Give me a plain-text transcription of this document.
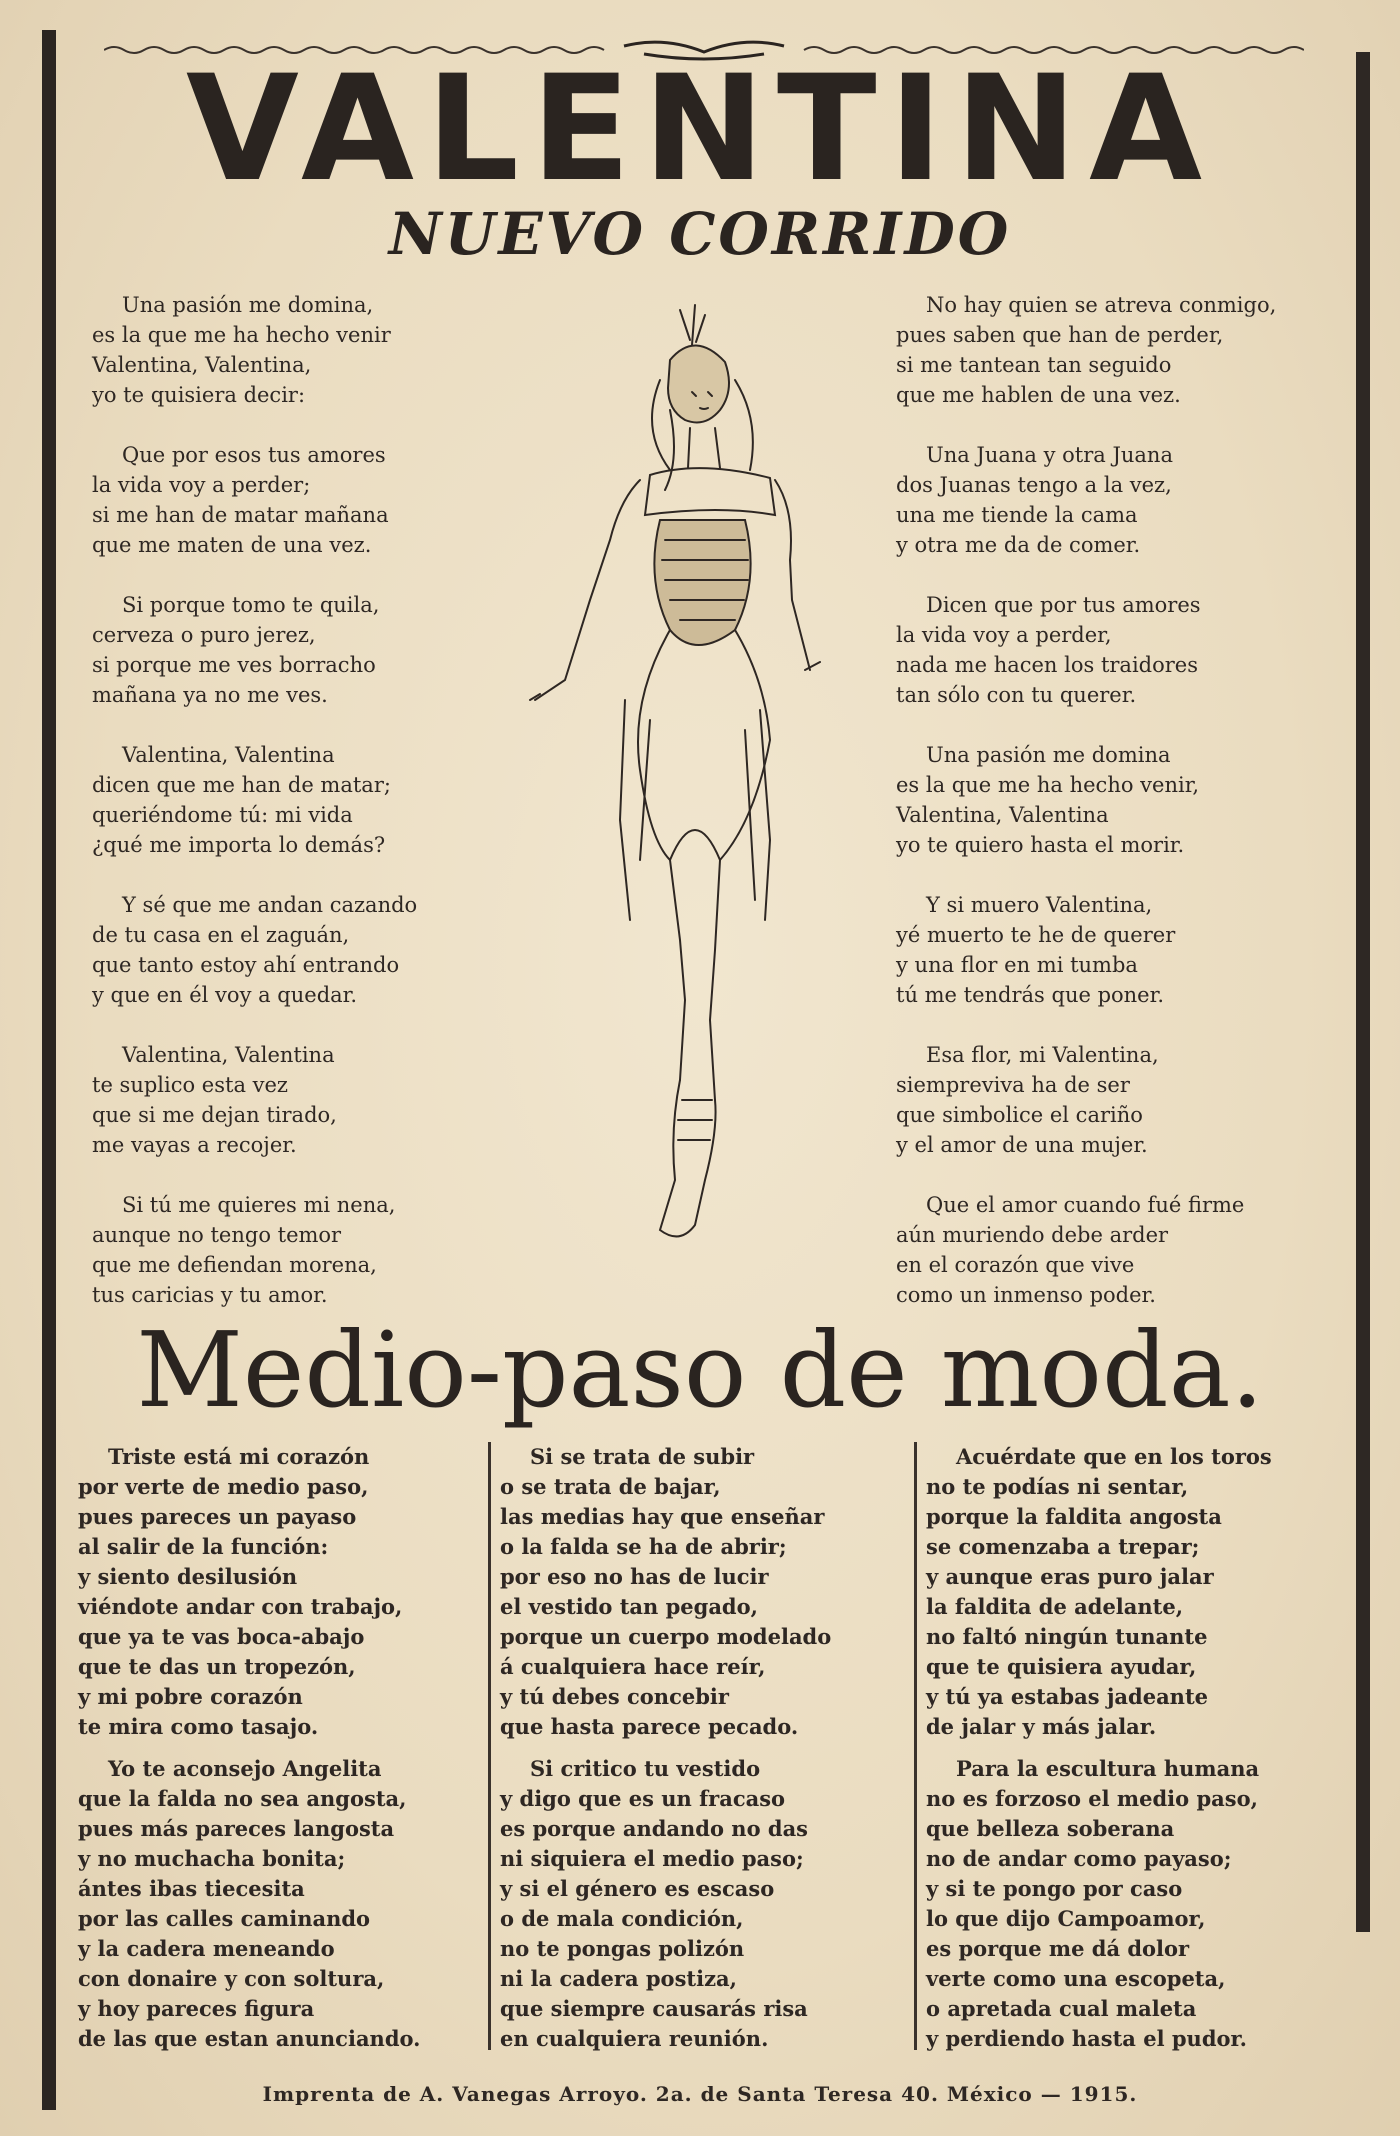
VALENTINA
NUEVO CORRIDO
Una pasión me domina,
es la que me ha hecho venir
Valentina, Valentina,
yo te quisiera decir:
Que por esos tus amores
la vida voy a perder;
si me han de matar mañana
que me maten de una vez.
Si porque tomo te quila,
cerveza o puro jerez,
si porque me ves borracho
mañana ya no me ves.
Valentina, Valentina
dicen que me han de matar;
queriéndome tú: mi vida
¿qué me importa lo demás?
Y sé que me andan cazando
de tu casa en el zaguán,
que tanto estoy ahí entrando
y que en él voy a quedar.
Valentina, Valentina
te suplico esta vez
que si me dejan tirado,
me vayas a recojer.
Si tú me quieres mi nena,
aunque no tengo temor
que me defiendan morena,
tus caricias y tu amor.
No hay quien se atreva conmigo,
pues saben que han de perder,
si me tantean tan seguido
que me hablen de una vez.
Una Juana y otra Juana
dos Juanas tengo a la vez,
una me tiende la cama
y otra me da de comer.
Dicen que por tus amores
la vida voy a perder,
nada me hacen los traidores
tan sólo con tu querer.
Una pasión me domina
es la que me ha hecho venir,
Valentina, Valentina
yo te quiero hasta el morir.
Y si muero Valentina,
yé muerto te he de querer
y una flor en mi tumba
tú me tendrás que poner.
Esa flor, mi Valentina,
siempreviva ha de ser
que simbolice el cariño
y el amor de una mujer.
Que el amor cuando fué firme
aún muriendo debe arder
en el corazón que vive
como un inmenso poder.
Medio-paso de moda.
Triste está mi corazón
por verte de medio paso,
pues pareces un payaso
al salir de la función:
y siento desilusión
viéndote andar con trabajo,
que ya te vas boca-abajo
que te das un tropezón,
y mi pobre corazón
te mira como tasajo.
Yo te aconsejo Angelita
que la falda no sea angosta,
pues más pareces langosta
y no muchacha bonita;
ántes ibas tiecesita
por las calles caminando
y la cadera meneando
con donaire y con soltura,
y hoy pareces figura
de las que estan anunciando.
Si se trata de subir
o se trata de bajar,
las medias hay que enseñar
o la falda se ha de abrir;
por eso no has de lucir
el vestido tan pegado,
porque un cuerpo modelado
á cualquiera hace reír,
y tú debes concebir
que hasta parece pecado.
Si critico tu vestido
y digo que es un fracaso
es porque andando no das
ni siquiera el medio paso;
y si el género es escaso
o de mala condición,
no te pongas polizón
ni la cadera postiza,
que siempre causarás risa
en cualquiera reunión.
Acuérdate que en los toros
no te podías ni sentar,
porque la faldita angosta
se comenzaba a trepar;
y aunque eras puro jalar
la faldita de adelante,
no faltó ningún tunante
que te quisiera ayudar,
y tú ya estabas jadeante
de jalar y más jalar.
Para la escultura humana
no es forzoso el medio paso,
que belleza soberana
no de andar como payaso;
y si te pongo por caso
lo que dijo Campoamor,
es porque me dá dolor
verte como una escopeta,
o apretada cual maleta
y perdiendo hasta el pudor.
Imprenta de A. Vanegas Arroyo. 2a. de Santa Teresa 40. México — 1915.
